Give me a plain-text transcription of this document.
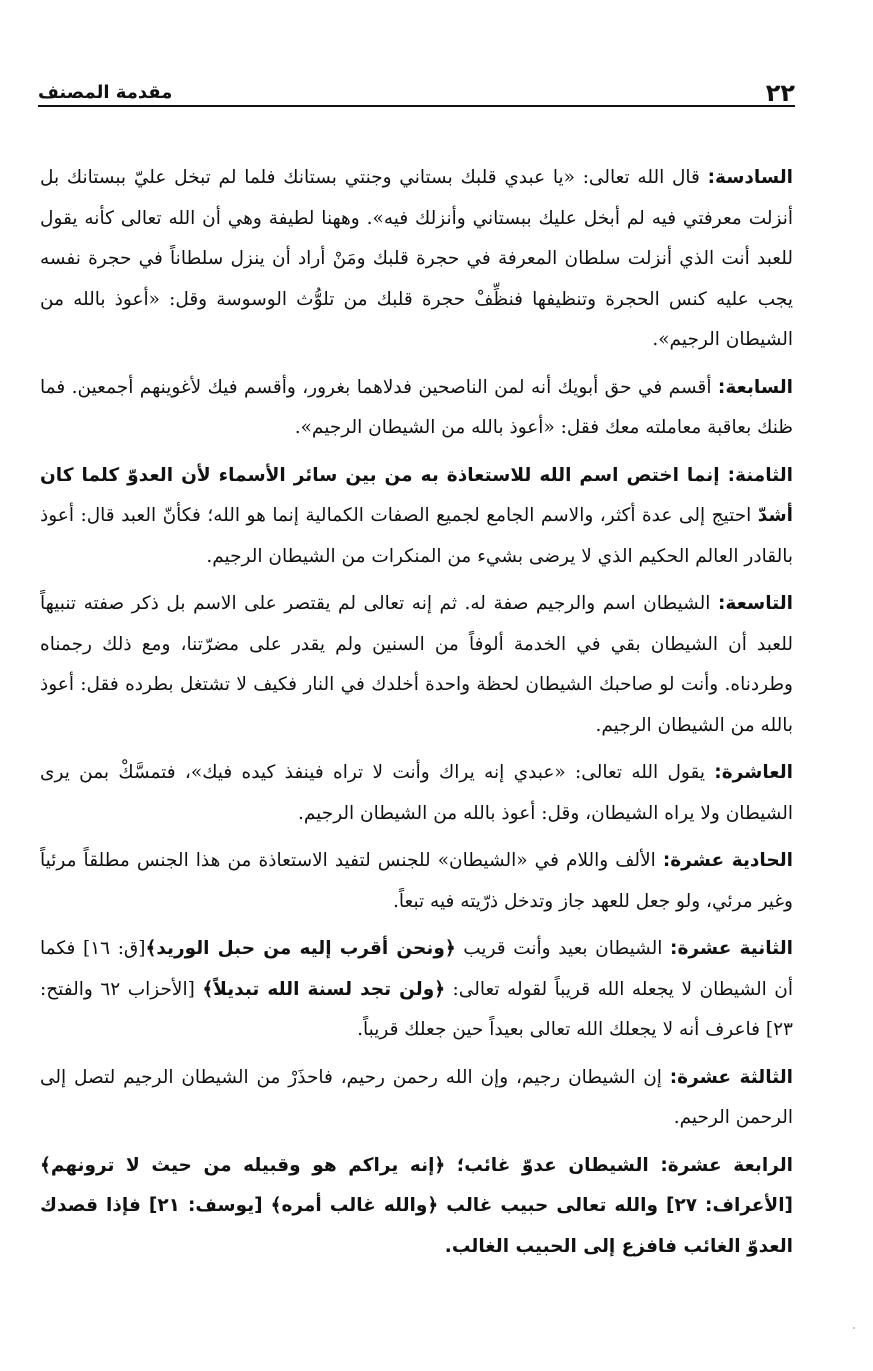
٢٢
مقدمة المصنف

السادسة: قال الله تعالى: «يا عبدي قلبك بستاني وجنتي بستانك فلما لم تبخل عليّ ببستانك بل أنزلت معرفتي فيه لم أبخل عليك ببستاني وأنزلك فيه». وههنا لطيفة وهي أن الله تعالى كأنه يقول للعبد أنت الذي أنزلت سلطان المعرفة في حجرة قلبك ومَنْ أراد أن ينزل سلطاناً في حجرة نفسه يجب عليه كنس الحجرة وتنظيفها فنظِّفْ حجرة قلبك من تلوُّث الوسوسة وقل: «أعوذ بالله من الشيطان الرجيم».

السابعة: أقسم في حق أبويك أنه لمن الناصحين فدلاهما بغرور، وأقسم فيك لأغوينهم أجمعين. فما ظنك بعاقبة معاملته معك فقل: «أعوذ بالله من الشيطان الرجيم».

الثامنة: إنما اختص اسم الله للاستعاذة به من بين سائر الأسماء لأن العدوّ كلما كان أشدّ احتيج إلى عدة أكثر، والاسم الجامع لجميع الصفات الكمالية إنما هو الله؛ فكأنّ العبد قال: أعوذ بالقادر العالم الحكيم الذي لا يرضى بشيء من المنكرات من الشيطان الرجيم.

التاسعة: الشيطان اسم والرجيم صفة له. ثم إنه تعالى لم يقتصر على الاسم بل ذكر صفته تنبيهاً للعبد أن الشيطان بقي في الخدمة ألوفاً من السنين ولم يقدر على مضرّتنا، ومع ذلك رجمناه وطردناه. وأنت لو صاحبك الشيطان لحظة واحدة أخلدك في النار فكيف لا تشتغل بطرده فقل: أعوذ بالله من الشيطان الرجيم.

العاشرة: يقول الله تعالى: «عبدي إنه يراك وأنت لا تراه فينفذ كيده فيك»، فتمسَّكْ بمن يرى الشيطان ولا يراه الشيطان، وقل: أعوذ بالله من الشيطان الرجيم.

الحادية عشرة: الألف واللام في «الشيطان» للجنس لتفيد الاستعاذة من هذا الجنس مطلقاً مرئياً وغير مرئي، ولو جعل للعهد جاز وتدخل ذرّيته فيه تبعاً.

الثانية عشرة: الشيطان بعيد وأنت قريب ﴿ونحن أقرب إليه من حبل الوريد﴾[ق: ١٦] فكما أن الشيطان لا يجعله الله قريباً لقوله تعالى: ﴿ولن تجد لسنة الله تبديلاً﴾ [الأحزاب ٦٢ والفتح: ٢٣] فاعرف أنه لا يجعلك الله تعالى بعيداً حين جعلك قريباً.

الثالثة عشرة: إن الشيطان رجيم، وإن الله رحمن رحيم، فاحذَرْ من الشيطان الرجيم لتصل إلى الرحمن الرحيم.

الرابعة عشرة: الشيطان عدوّ غائب؛ ﴿إنه يراكم هو وقبيله من حيث لا ترونهم﴾ [الأعراف: ٢٧] والله تعالى حبيب غالب ﴿والله غالب أمره﴾ [يوسف: ٢١] فإذا قصدك العدوّ الغائب فافزع إلى الحبيب الغالب.
